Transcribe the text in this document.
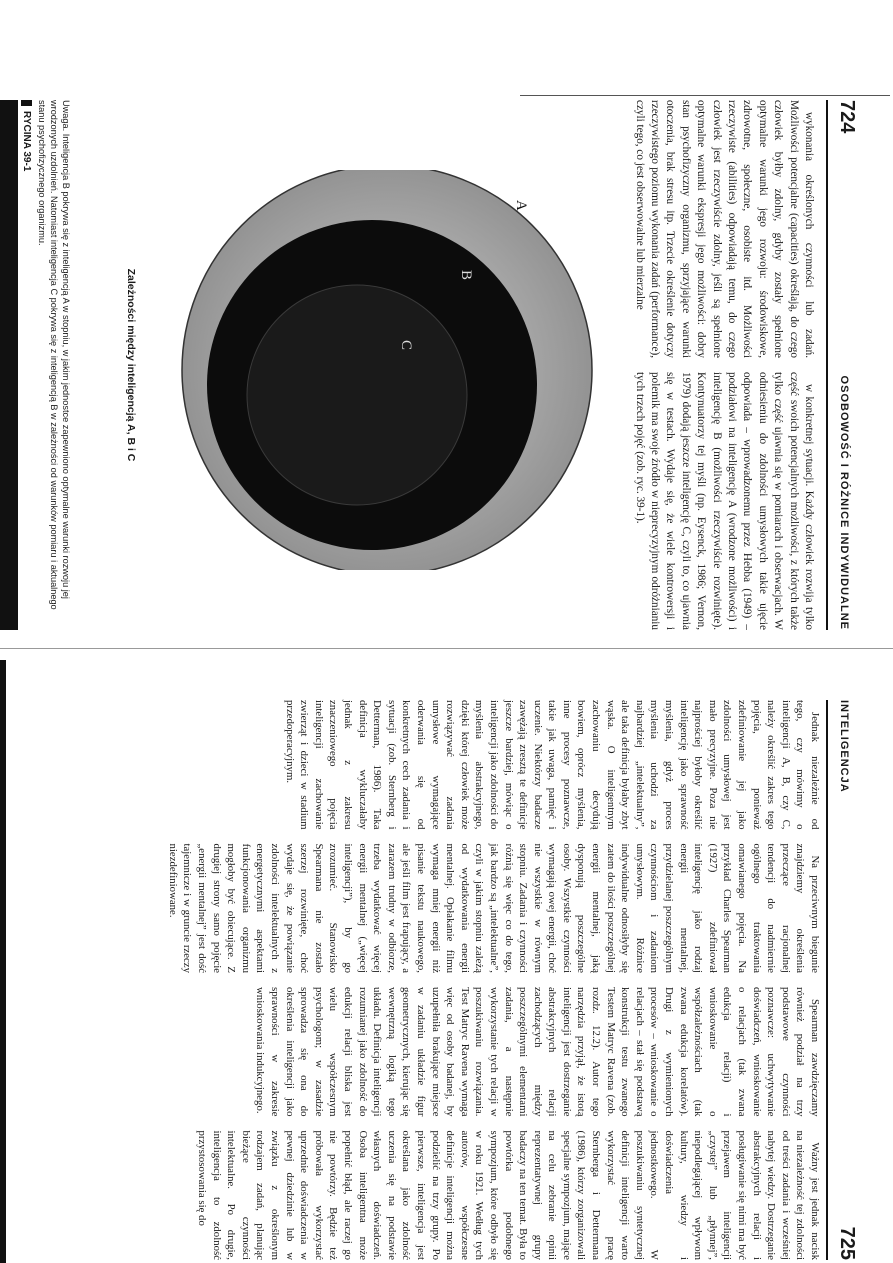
724
OSOBOWOŚĆ I RÓŻNICE INDYWIDUALNE

wykonania określonych czynności lub zadań. Możliwości potencjalne (capacities) określają, do czego człowiek byłby zdolny, gdyby zostały spełnione optymalne warunki jego rozwoju: środowiskowe, zdrowotne, społeczne, osobiste itd. Możliwości rzeczywiste (abilities) odpowiadają temu, do czego człowiek jest rzeczywiście zdolny, jeśli są spełnione optymalne warunki ekspresji jego możliwości: dobry stan psychofizyczny organizmu, sprzyjające warunki otoczenia, brak stresu itp. Trzecie określenie dotyczy rzeczywistego poziomu wykonania zadań (performance), czyli tego, co jest obserwowalne lub mierzalne

w konkretnej sytuacji. Każdy człowiek rozwija tylko część swoich potencjalnych możliwości, z których także tylko część ujawnia się w pomiarach i obserwacjach. W odniesieniu do zdolności umysłowych takie ujęcie odpowiada – wprowadzonemu przez Hebba (1949) – podziałowi na inteligencję A (wrodzone możliwości) i inteligencję B (możliwości rzeczywiście rozwinięte). Kontynuatorzy tej myśli (np. Eysenck, 1986; Vernon, 1979) dodają jeszcze inteligencję C, czyli to, co ujawnia się w testach. Wydaje się, że wiele kontrowersji i polemik ma swoje źródło w nieprecyzyjnym odróżnianiu tych trzech pojęć (zob. ryc. 39-1).

A
B
C
Zależności między inteligencją A, B i C
Uwaga. Inteligencja B pokrywa się z inteligencją A w stopniu, w jakim jednostce zapewniono optymalne warunki rozwoju jej wrodzonych uzdolnień. Natomiast inteligencja C pokrywa się z inteligencją B w zależności od warunków pomiaru i aktualnego stanu psychofizycznego organizmu.
RYCINA 39-1
INTELIGENCJA
725

Jednak niezależnie od tego, czy mówimy o inteligencji A, B, czy C, należy określić zakres tego pojęcia, ponieważ zdefiniowanie jej jako zdolności umysłowej jest mało precyzyjne. Poza nie najprościej byłoby określić inteligencję jako sprawność myślenia, gdyż proces myślenia uchodzi za najbardziej „intelektualny”, ale taka definicja byłaby zbyt wąska. O inteligentnym zachowaniu decydują bowiem, oprócz myślenia, inne procesy poznawcze, takie jak uwaga, pamięć i uczenie. Niektórzy badacze zawężają zresztą te definicje jeszcze bardziej, mówiąc o inteligencji jako zdolności do myślenia abstrakcyjnego, dzięki której człowiek może rozwiązywać zadania umysłowe wymagające oderwania się od konkretnych cech zadania i sytuacji (zob. Sternberg i Detterman, 1986). Taka definicja wykluczałaby jednak z zakresu znaczeniowego pojęcia inteligencji zachowanie zwierząt i dzieci w stadium przedoperacyjnym.

Na przeciwnym biegunie znajdziemy określenia przeczące racjonalnej tendencji do nadmiernie ogólnego traktowania omawianego pojęcia. Na przykład Charles Spearman (1927) zdefiniował inteligencję jako rodzaj energii mentalnej, przydzielanej poszczególnym czynnościom i zadaniom umysłowym. Różnice indywidualne odnosiłyby się zatem do ilości poszczególnej energii mentalnej, jaką dysponują poszczególne osoby. Wszystkie czynności wymagają owej energii, choć nie wszystkie w równym stopniu. Zadania i czynności różnią się więc co do tego, jak bardzo są „intelektualne”, czyli w jakim stopniu zależą od wydatkowania energii mentalnej. Opłakanie filmu wymaga mniej energii niż pisanie tekstu naukowego, ale jeśli film jest frapujący, a zarazem trudny w odbiorze, trzeba wydatkować więcej energii mentalnej („więcej inteligencji”), by go zrozumieć. Stanowisko Spearmana nie zostało szerzej rozwinięte, choć wydaje się, że powiązanie zdolności intelektualnych z energetycznymi aspektami funkcjonowania organizmu mogłoby być obiecujące. Z drugiej strony samo pojęcie „energii mentalnej” jest dość tajemnicze i w gruncie rzeczy niezdefiniowane.

Spearman zawdzięczamy również podział na trzy podstawowe czynności poznawcze: uchwytywanie doświadczeń, wnioskowanie o relacjach (tak zwana edukcja relacji) i wnioskowanie o współzależnościach (tak zwana edukcja korelatów). Drugi z wymienionych procesów – wnioskowanie o relacjach – stał się podstawą konstrukcji testu zwanego Testem Matryc Ravena (zob. rozdz. 12.2). Autor tego narzędzia przyjął, że istotą inteligencji jest dostrzeganie abstrakcyjnych relacji zachodzących między poszczególnymi elementami zadania, a następnie wykorzystanie tych relacji w poszukiwaniu rozwiązania. Test Matryc Ravena wymaga więc od osoby badanej, by uzupełniła brakujące miejsce w zadaniu układzie figur geometrycznych, kierując się wewnętrzną logiką tego układu. Definicja inteligencji rozumianej jako zdolność do edukcji relacji bliska jest wielu współczesnym psychologom; w zasadzie sprowadza się ona do określenia inteligencji jako sprawności w zakresie wnioskowania indukcyjnego.

Ważny jest jednak nacisk na niezależność tej zdolności od treści zadania i wcześniej nabytej wiedzy. Dostrzeganie abstrakcyjnych relacji i posługiwanie się nimi ma być przejawem inteligencji „czystej” lub „płynnej”, niepodlegającej wpływom kultury, wiedzy i doświadczenia jednostkowego. W poszukiwaniu syntetycznej definicji inteligencji warto wykorzystać pracę Sternberga i Dettermana (1986), którzy zorganizowali specjalne sympozjum, mające na celu zebranie opinii reprezentatywnej grupy badaczy na ten temat. Była to powtórka podobnego sympozjum, które odbyło się w roku 1921. Według tych autorów, współczesne definicje inteligencji można podzielić na trzy grupy. Po pierwsze, inteligencja jest określana jako zdolność uczenia się na podstawie własnych doświadczeń. Osoba inteligentna może popełnić błąd, ale raczej go nie powtórzy. Będzie też próbowała wykorzystać uprzednie doświadczenia w pewnej dziedzinie lub w związku z określonym rodzajem zadań, planując bieżące czynności intelektualne. Po drugie, inteligencja to zdolność przystosowania się do
